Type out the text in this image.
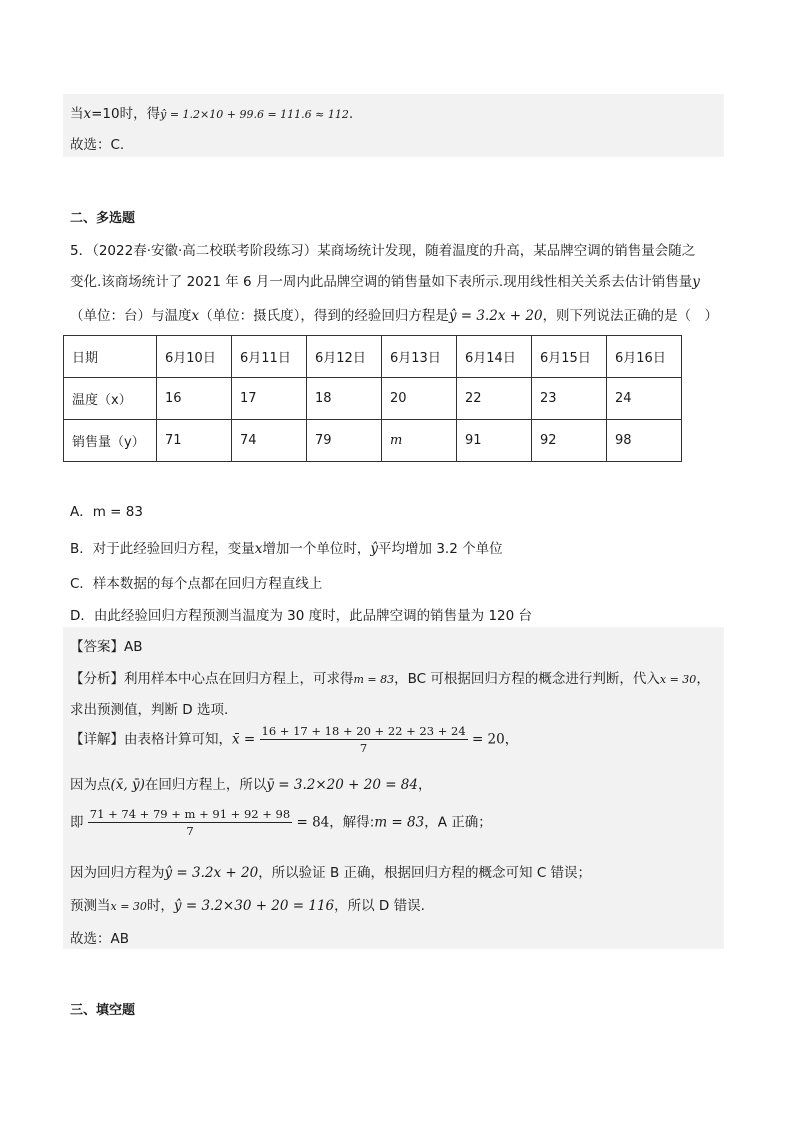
当x=10时，得ŷ = 1.2×10 + 99.6 = 111.6 ≈ 112.
故选：C.
二、多选题
5．（2022春·安徽·高二校联考阶段练习）某商场统计发现，随着温度的升高，某品牌空调的销售量会随之
变化.该商场统计了 2021 年 6 月一周内此品牌空调的销售量如下表所示.现用线性相关关系去估计销售量y
（单位：台）与温度x（单位：摄氏度），得到的经验回归方程是ŷ = 3.2x + 20，则下列说法正确的是（　）
日期	6月10日	6月11日	6月12日	6月13日	6月14日	6月15日	6月16日
温度（x）	16	17	18	20	22	23	24
销售量（y）	71	74	79	m	91	92	98
A．m = 83
B．对于此经验回归方程，变量x增加一个单位时，ŷ平均增加 3.2 个单位
C．样本数据的每个点都在回归方程直线上
D．由此经验回归方程预测当温度为 30 度时，此品牌空调的销售量为 120 台
【答案】AB
【分析】利用样本中心点在回归方程上，可求得m = 83，BC 可根据回归方程的概念进行判断，代入x = 30，
求出预测值，判断 D 选项.
【详解】由表格计算可知，x̄ = $\frac{16 + 17 + 18 + 20 + 22 + 23 + 24}{7} = 20$，
因为点(x̄, ȳ)在回归方程上，所以ȳ = 3.2×20 + 20 = 84，
即 $\frac{71 + 74 + 79 + m + 91 + 92 + 98}{7} = 84$，解得:m = 83，A 正确；
因为回归方程为ŷ = 3.2x + 20，所以验证 B 正确，根据回归方程的概念可知 C 错误；
预测当x = 30时，ŷ = 3.2×30 + 20 = 116，所以 D 错误.
故选：AB
三、填空题
